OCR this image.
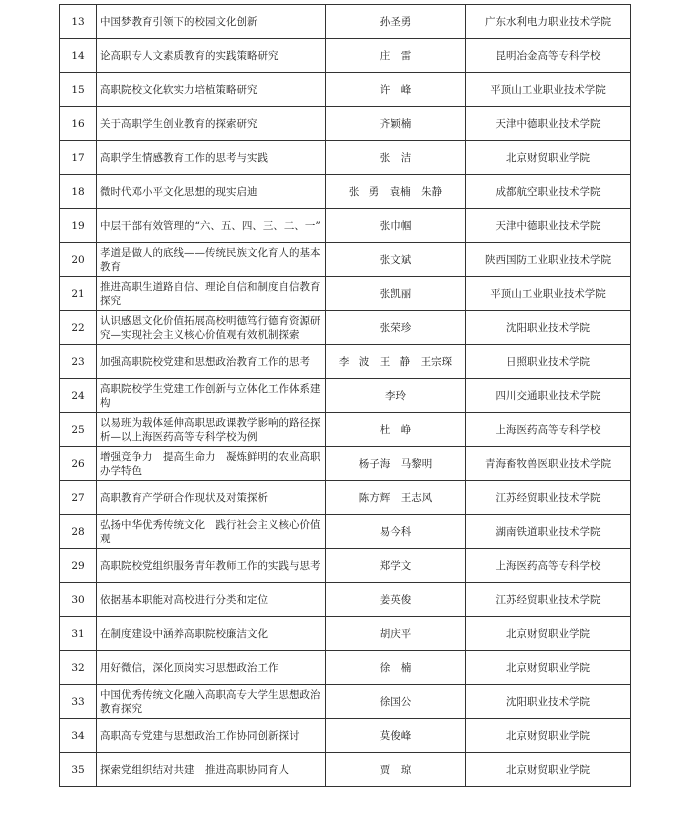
13	中国梦教育引领下的校园文化创新	孙圣勇	广东水利电力职业技术学院
14	论高职专人文素质教育的实践策略研究	庄　雷	昆明冶金高等专科学校
15	高职院校文化软实力培植策略研究	许　峰	平顶山工业职业技术学院
16	关于高职学生创业教育的探索研究	齐颖楠	天津中德职业技术学院
17	高职学生情感教育工作的思考与实践	张　洁	北京财贸职业学院
18	微时代邓小平文化思想的现实启迪	张 勇　袁楠　朱静	成都航空职业技术学院
19	中层干部有效管理的“六、五、四、三、二、一”	张巾帼	天津中德职业技术学院
20	孝道是做人的底线——传统民族文化育人的基本教育	张文斌	陕西国防工业职业技术学院
21	推进高职生道路自信、理论自信和制度自信教育探究	张凯丽	平顶山工业职业技术学院
22	认识感恩文化价值拓展高校明德笃行德育资源研究—实现社会主义核心价值观有效机制探索	张荣珍	沈阳职业技术学院
23	加强高职院校党建和思想政治教育工作的思考	李 波　王 静　王宗琛	日照职业技术学院
24	高职院校学生党建工作创新与立体化工作体系建构	李玲	四川交通职业技术学院
25	以易班为载体延伸高职思政课教学影响的路径探析—以上海医药高等专科学校为例	杜　峥	上海医药高等专科学校
26	增强竞争力　提高生命力　凝炼鲜明的农业高职办学特色	杨子海　马黎明	青海畜牧兽医职业技术学院
27	高职教育产学研合作现状及对策探析	陈方辉　王志风	江苏经贸职业技术学院
28	弘扬中华优秀传统文化　践行社会主义核心价值观	易今科	湖南铁道职业技术学院
29	高职院校党组织服务青年教师工作的实践与思考	郑学文	上海医药高等专科学校
30	依据基本职能对高校进行分类和定位	姜英俊	江苏经贸职业技术学院
31	在制度建设中涵养高职院校廉洁文化	胡庆平	北京财贸职业学院
32	用好微信，深化顶岗实习思想政治工作	徐　楠	北京财贸职业学院
33	中国优秀传统文化融入高职高专大学生思想政治教育探究	徐国公	沈阳职业技术学院
34	高职高专党建与思想政治工作协同创新探讨	莫俊峰	北京财贸职业学院
35	探索党组织结对共建　推进高职协同育人	贾　琼	北京财贸职业学院
